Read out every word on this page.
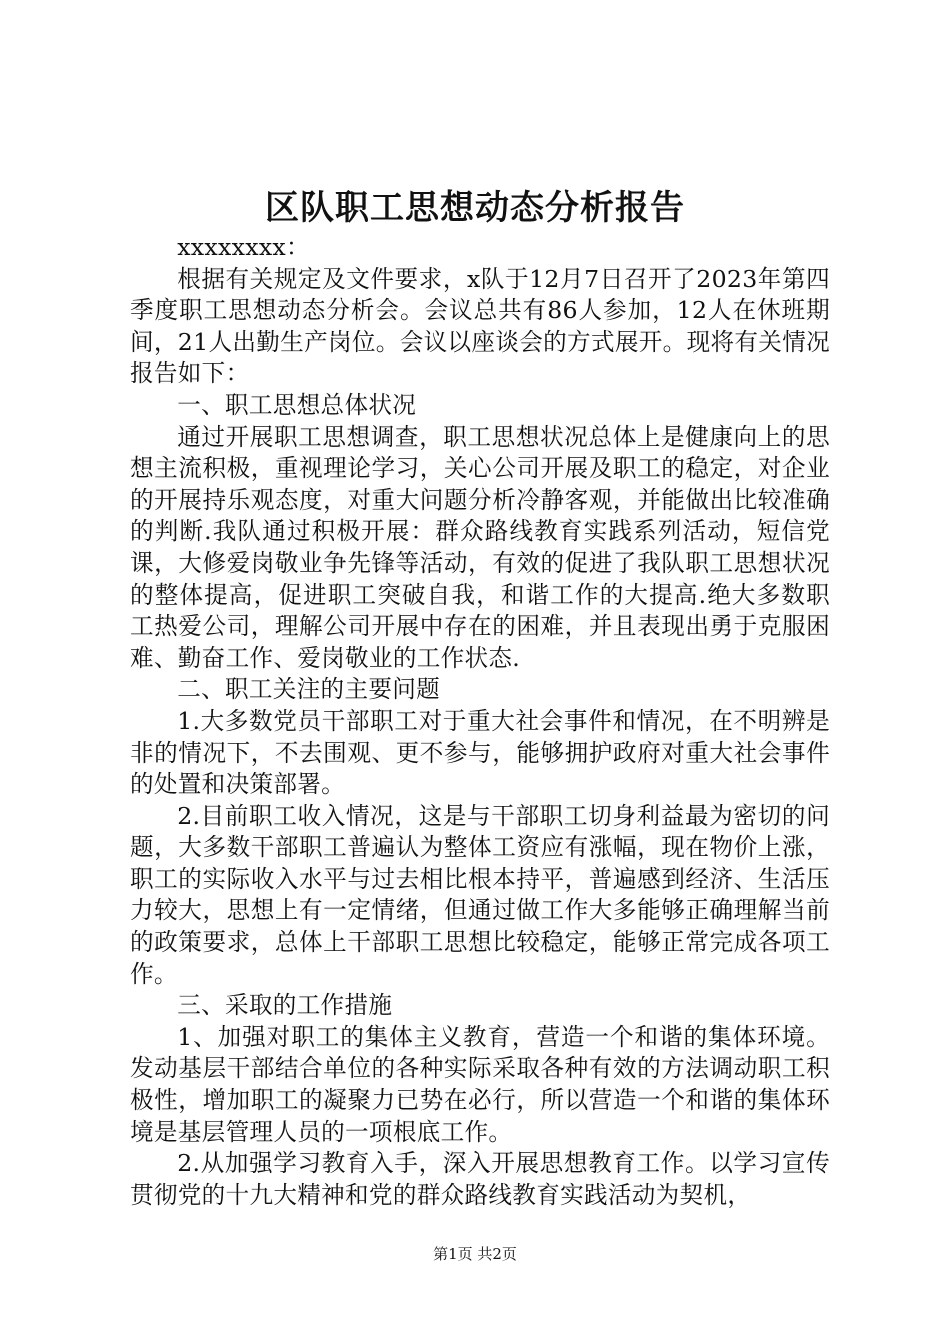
区队职工思想动态分析报告

xxxxxxxx：

根据有关规定及文件要求，x队于12月7日召开了2023年第四季度职工思想动态分析会。会议总共有86人参加，12人在休班期间，21人出勤生产岗位。会议以座谈会的方式展开。现将有关情况报告如下：

一、职工思想总体状况

通过开展职工思想调查，职工思想状况总体上是健康向上的思想主流积极，重视理论学习，关心公司开展及职工的稳定，对企业的开展持乐观态度，对重大问题分析冷静客观，并能做出比较准确的判断.我队通过积极开展：群众路线教育实践系列活动，短信党课，大修爱岗敬业争先锋等活动，有效的促进了我队职工思想状况的整体提高，促进职工突破自我，和谐工作的大提高.绝大多数职工热爱公司，理解公司开展中存在的困难，并且表现出勇于克服困难、勤奋工作、爱岗敬业的工作状态.

二、职工关注的主要问题

1.大多数党员干部职工对于重大社会事件和情况，在不明辨是非的情况下，不去围观、更不参与，能够拥护政府对重大社会事件的处置和决策部署。

2.目前职工收入情况，这是与干部职工切身利益最为密切的问题，大多数干部职工普遍认为整体工资应有涨幅，现在物价上涨，职工的实际收入水平与过去相比根本持平，普遍感到经济、生活压力较大，思想上有一定情绪，但通过做工作大多能够正确理解当前的政策要求，总体上干部职工思想比较稳定，能够正常完成各项工作。

三、采取的工作措施

1、加强对职工的集体主义教育，营造一个和谐的集体环境。发动基层干部结合单位的各种实际采取各种有效的方法调动职工积极性，增加职工的凝聚力已势在必行，所以营造一个和谐的集体环境是基层管理人员的一项根底工作。

2.从加强学习教育入手，深入开展思想教育工作。以学习宣传贯彻党的十九大精神和党的群众路线教育实践活动为契机，

第1页 共2页
